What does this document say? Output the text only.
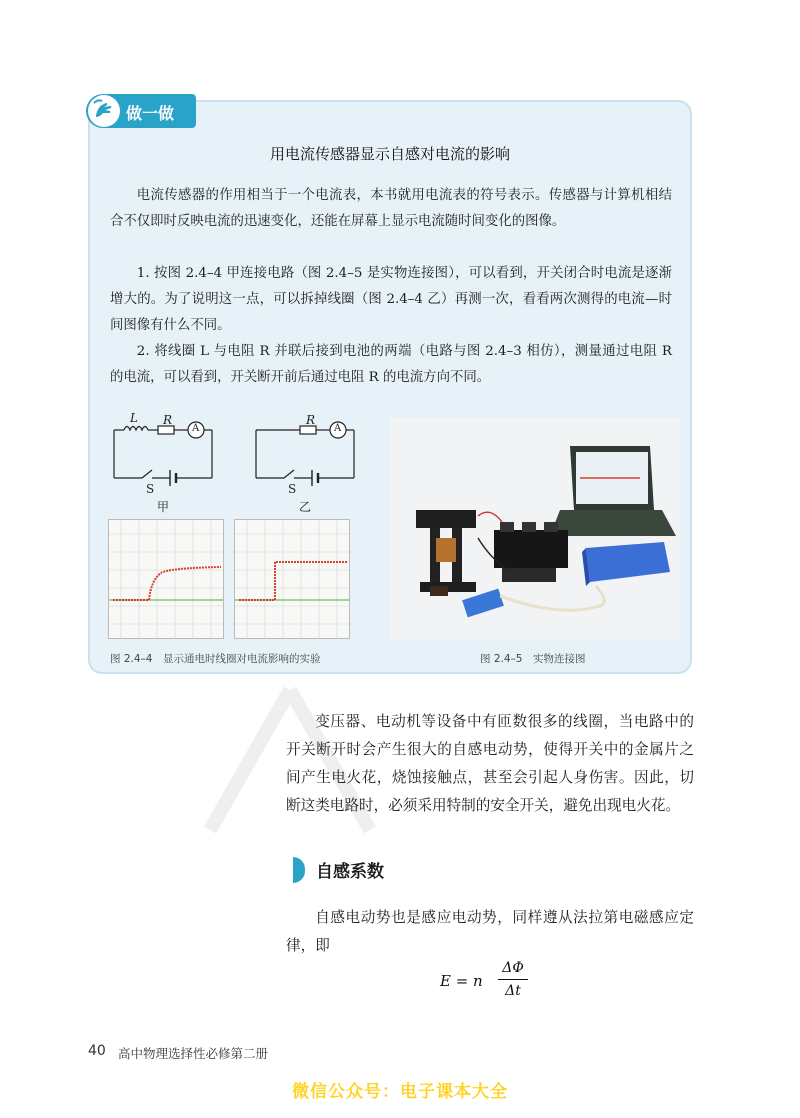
做一做
用电流传感器显示自感对电流的影响

电流传感器的作用相当于一个电流表，本书就用电流表的符号表示。传感器与计算机相结合不仅即时反映电流的迅速变化，还能在屏幕上显示电流随时间变化的图像。

1. 按图 2.4–4 甲连接电路（图 2.4–5 是实物连接图），可以看到，开关闭合时电流是逐渐增大的。为了说明这一点，可以拆掉线圈（图 2.4–4 乙）再测一次，看看两次测得的电流—时间图像有什么不同。

2. 将线圈 L 与电阻 R 并联后接到电池的两端（电路与图 2.4–3 相仿），测量通过电阻 R 的电流，可以看到，开关断开前后通过电阻 R 的电流方向不同。

L R
A
S
甲
R
A
S
乙
图 2.4–4　显示通电时线圈对电流影响的实验	图 2.4–5　实物连接图

变压器、电动机等设备中有匝数很多的线圈，当电路中的开关断开时会产生很大的自感电动势，使得开关中的金属片之间产生电火花，烧蚀接触点，甚至会引起人身伤害。因此，切断这类电路时，必须采用特制的安全开关，避免出现电火花。

自感系数

自感电动势也是感应电动势，同样遵从法拉第电磁感应定律，即

E = n
ΔΦ
Δt
40 高中物理选择性必修第二册
微信公众号：电子课本大全
